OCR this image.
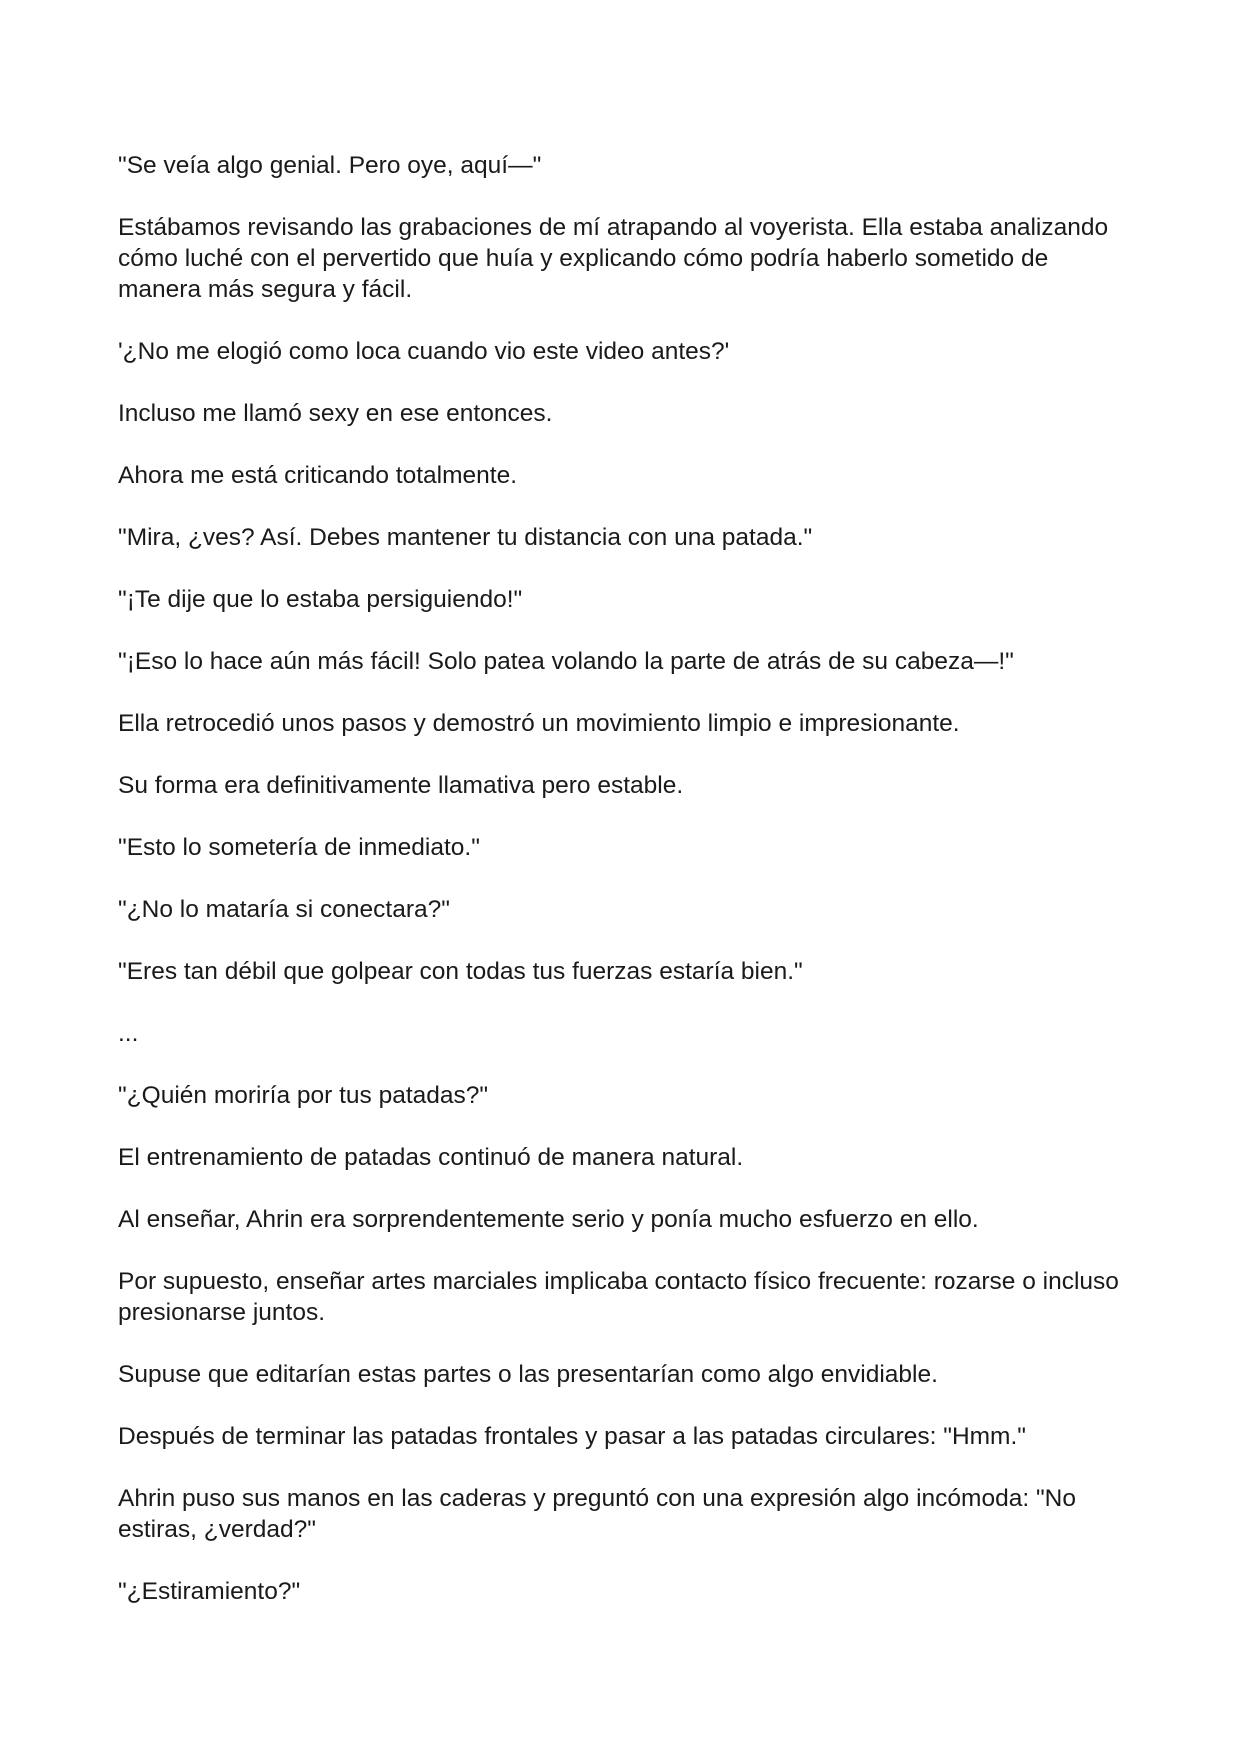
"Se veía algo genial. Pero oye, aquí—"

Estábamos revisando las grabaciones de mí atrapando al voyerista. Ella estaba analizando cómo luché con el pervertido que huía y explicando cómo podría haberlo sometido de manera más segura y fácil.

'¿No me elogió como loca cuando vio este video antes?'

Incluso me llamó sexy en ese entonces.

Ahora me está criticando totalmente.

"Mira, ¿ves? Así. Debes mantener tu distancia con una patada."

"¡Te dije que lo estaba persiguiendo!"

"¡Eso lo hace aún más fácil! Solo patea volando la parte de atrás de su cabeza—!"

Ella retrocedió unos pasos y demostró un movimiento limpio e impresionante.

Su forma era definitivamente llamativa pero estable.

"Esto lo sometería de inmediato."

"¿No lo mataría si conectara?"

"Eres tan débil que golpear con todas tus fuerzas estaría bien."

...

"¿Quién moriría por tus patadas?"

El entrenamiento de patadas continuó de manera natural.

Al enseñar, Ahrin era sorprendentemente serio y ponía mucho esfuerzo en ello.

Por supuesto, enseñar artes marciales implicaba contacto físico frecuente: rozarse o incluso presionarse juntos.

Supuse que editarían estas partes o las presentarían como algo envidiable.

Después de terminar las patadas frontales y pasar a las patadas circulares: "Hmm."

Ahrin puso sus manos en las caderas y preguntó con una expresión algo incómoda: "No estiras, ¿verdad?"

"¿Estiramiento?"
